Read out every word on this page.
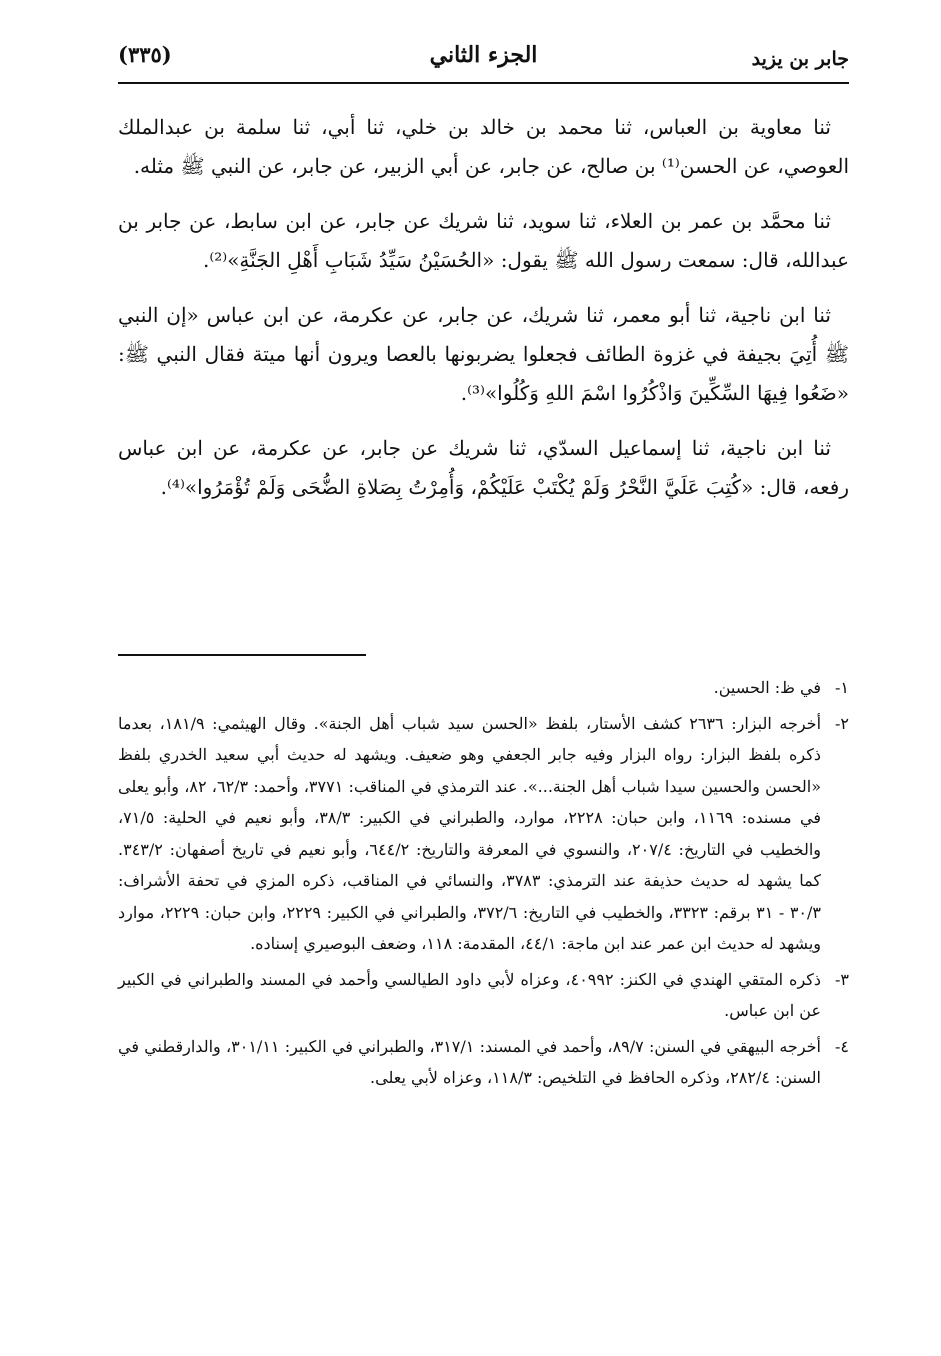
(٣٣٥)	الجزء الثاني	جابر بن يزيد

ثنا معاوية بن العباس، ثنا محمد بن خالد بن خلي، ثنا أبي، ثنا سلمة بن عبدالملك العوصي، عن الحسن⁽¹⁾ بن صالح، عن جابر، عن أبي الزبير، عن جابر، عن النبي ﷺ مثله.

ثنا محمَّد بن عمر بن العلاء، ثنا سويد، ثنا شريك عن جابر، عن ابن سابط، عن جابر بن عبدالله، قال: سمعت رسول الله ﷺ يقول: «الحُسَيْنُ سَيِّدُ شَبَابِ أَهْلِ الجَنَّةِ»⁽²⁾.

ثنا ابن ناجية، ثنا أبو معمر، ثنا شريك، عن جابر، عن عكرمة، عن ابن عباس «إن النبي ﷺ أُتِيَ بجيفة في غزوة الطائف فجعلوا يضربونها بالعصا ويرون أنها ميتة فقال النبي ﷺ: «ضَعُوا فِيهَا السِّكِّينَ وَاذْكُرُوا اسْمَ اللهِ وَكُلُوا»⁽³⁾.

ثنا ابن ناجية، ثنا إسماعيل السدّي، ثنا شريك عن جابر، عن عكرمة، عن ابن عباس رفعه، قال: «كُتِبَ عَلَيَّ النَّحْرُ وَلَمْ يُكْتَبْ عَلَيْكُمْ، وَأُمِرْتُ بِصَلاةِ الضُّحَى وَلَمْ تُؤْمَرُوا»⁽⁴⁾.

١-
في ظ: الحسين.
٢-
أخرجه البزار: ٢٦٣٦ كشف الأستار، بلفظ «الحسن سيد شباب أهل الجنة». وقال الهيثمي: ١٨١/٩، بعدما ذكره بلفظ البزار: رواه البزار وفيه جابر الجعفي وهو ضعيف. ويشهد له حديث أبي سعيد الخدري بلفظ «الحسن والحسين سيدا شباب أهل الجنة...». عند الترمذي في المناقب: ٣٧٧١، وأحمد: ٦٢/٣، ٨٢، وأبو يعلى في مسنده: ١١٦٩، وابن حبان: ٢٢٢٨، موارد، والطبراني في الكبير: ٣٨/٣، وأبو نعيم في الحلية: ٧١/٥، والخطيب في التاريخ: ٢٠٧/٤، والنسوي في المعرفة والتاريخ: ٦٤٤/٢، وأبو نعيم في تاريخ أصفهان: ٣٤٣/٢. كما يشهد له حديث حذيفة عند الترمذي: ٣٧٨٣، والنسائي في المناقب، ذكره المزي في تحفة الأشراف: ٣٠/٣ - ٣١ برقم: ٣٣٢٣، والخطيب في التاريخ: ٣٧٢/٦، والطبراني في الكبير: ٢٢٢٩، وابن حبان: ٢٢٢٩، موارد ويشهد له حديث ابن عمر عند ابن ماجة: ٤٤/١، المقدمة: ١١٨، وضعف البوصيري إسناده.
٣-
ذكره المتقي الهندي في الكنز: ٤٠٩٩٢، وعزاه لأبي داود الطيالسي وأحمد في المسند والطبراني في الكبير عن ابن عباس.
٤-
أخرجه البيهقي في السنن: ٨٩/٧، وأحمد في المسند: ٣١٧/١، والطبراني في الكبير: ٣٠١/١١، والدارقطني في السنن: ٢٨٢/٤، وذكره الحافظ في التلخيص: ١١٨/٣، وعزاه لأبي يعلى.
